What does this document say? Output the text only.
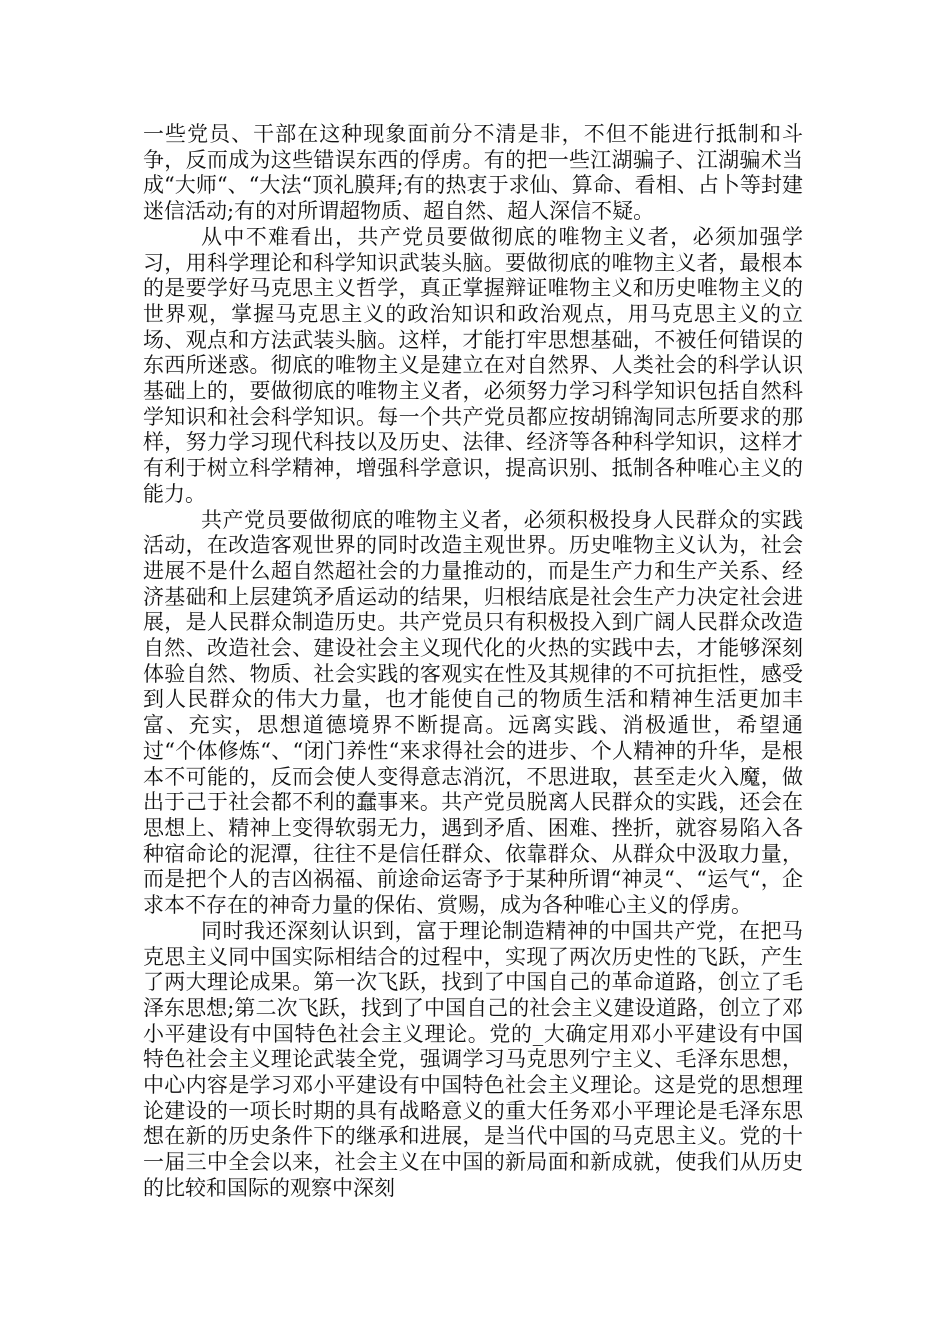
一些党员、干部在这种现象面前分不清是非，不但不能进行抵制和斗争，反而成为这些错误东西的俘虏。有的把一些江湖骗子、江湖骗术当成“大师“、“大法“顶礼膜拜;有的热衷于求仙、算命、看相、占卜等封建迷信活动;有的对所谓超物质、超自然、超人深信不疑。

从中不难看出，共产党员要做彻底的唯物主义者，必须加强学习，用科学理论和科学知识武装头脑。要做彻底的唯物主义者，最根本的是要学好马克思主义哲学，真正掌握辩证唯物主义和历史唯物主义的世界观，掌握马克思主义的政治知识和政治观点，用马克思主义的立场、观点和方法武装头脑。这样，才能打牢思想基础，不被任何错误的东西所迷惑。彻底的唯物主义是建立在对自然界、人类社会的科学认识基础上的，要做彻底的唯物主义者，必须努力学习科学知识包括自然科学知识和社会科学知识。每一个共产党员都应按胡锦淘同志所要求的那样，努力学习现代科技以及历史、法律、经济等各种科学知识，这样才有利于树立科学精神，增强科学意识，提高识别、抵制各种唯心主义的能力。

共产党员要做彻底的唯物主义者，必须积极投身人民群众的实践活动，在改造客观世界的同时改造主观世界。历史唯物主义认为，社会进展不是什么超自然超社会的力量推动的，而是生产力和生产关系、经济基础和上层建筑矛盾运动的结果，归根结底是社会生产力决定社会进展，是人民群众制造历史。共产党员只有积极投入到广阔人民群众改造自然、改造社会、建设社会主义现代化的火热的实践中去，才能够深刻体验自然、物质、社会实践的客观实在性及其规律的不可抗拒性，感受到人民群众的伟大力量，也才能使自己的物质生活和精神生活更加丰富、充实，思想道德境界不断提高。远离实践、消极遁世，希望通过“个体修炼“、“闭门养性“来求得社会的进步、个人精神的升华，是根本不可能的，反而会使人变得意志消沉，不思进取，甚至走火入魔，做出于己于社会都不利的蠢事来。共产党员脱离人民群众的实践，还会在思想上、精神上变得软弱无力，遇到矛盾、困难、挫折，就容易陷入各种宿命论的泥潭，往往不是信任群众、依靠群众、从群众中汲取力量，而是把个人的吉凶祸福、前途命运寄予于某种所谓“神灵“、“运气“，企求本不存在的神奇力量的保佑、赏赐，成为各种唯心主义的俘虏。

同时我还深刻认识到，富于理论制造精神的中国共产党，在把马克思主义同中国实际相结合的过程中，实现了两次历史性的飞跃，产生了两大理论成果。第一次飞跃，找到了中国自己的革命道路，创立了毛泽东思想;第二次飞跃，找到了中国自己的社会主义建设道路，创立了邓小平建设有中国特色社会主义理论。党的_大确定用邓小平建设有中国特色社会主义理论武装全党，强调学习马克思列宁主义、毛泽东思想，中心内容是学习邓小平建设有中国特色社会主义理论。这是党的思想理论建设的一项长时期的具有战略意义的重大任务邓小平理论是毛泽东思想在新的历史条件下的继承和进展，是当代中国的马克思主义。党的十一届三中全会以来，社会主义在中国的新局面和新成就，使我们从历史的比较和国际的观察中深刻
